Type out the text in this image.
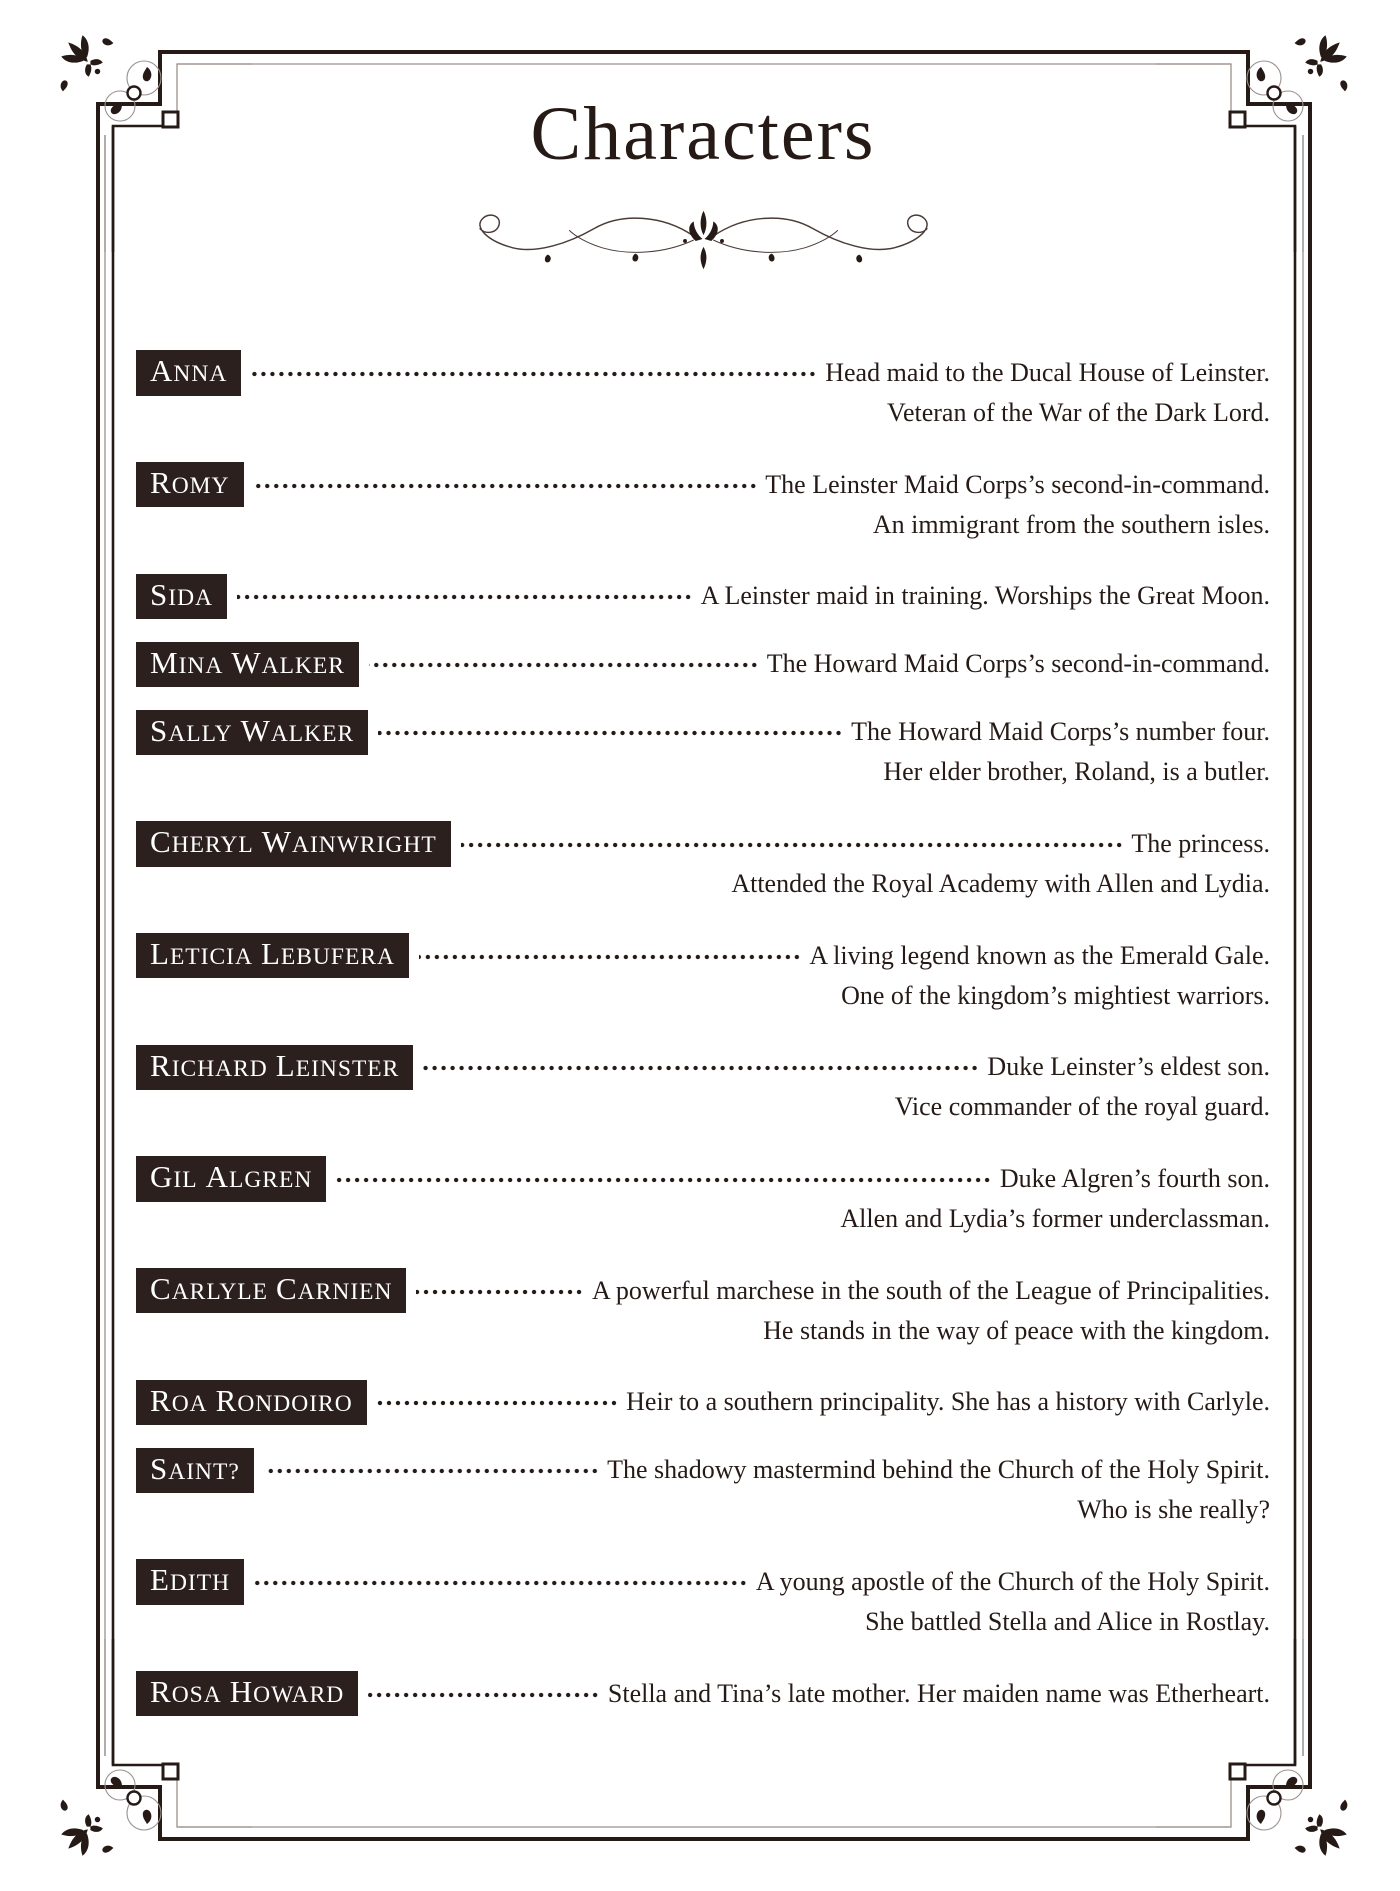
Characters
ANNA	Head maid to the Ducal House of Leinster.
Veteran of the War of the Dark Lord.
ROMY	The Leinster Maid Corps’s second-in-command.
An immigrant from the southern isles.
SIDA	A Leinster maid in training. Worships the Great Moon.
MINA WALKER	The Howard Maid Corps’s second-in-command.
SALLY WALKER	The Howard Maid Corps’s number four.
Her elder brother, Roland, is a butler.
CHERYL WAINWRIGHT	The princess.
Attended the Royal Academy with Allen and Lydia.
LETICIA LEBUFERA	A living legend known as the Emerald Gale.
One of the kingdom’s mightiest warriors.
RICHARD LEINSTER	Duke Leinster’s eldest son.
Vice commander of the royal guard.
GIL ALGREN	Duke Algren’s fourth son.
Allen and Lydia’s former underclassman.
CARLYLE CARNIEN	A powerful marchese in the south of the League of Principalities.
He stands in the way of peace with the kingdom.
ROA RONDOIRO	Heir to a southern principality. She has a history with Carlyle.
SAINT?	The shadowy mastermind behind the Church of the Holy Spirit.
Who is she really?
EDITH	A young apostle of the Church of the Holy Spirit.
She battled Stella and Alice in Rostlay.
ROSA HOWARD	Stella and Tina’s late mother. Her maiden name was Etherheart.
